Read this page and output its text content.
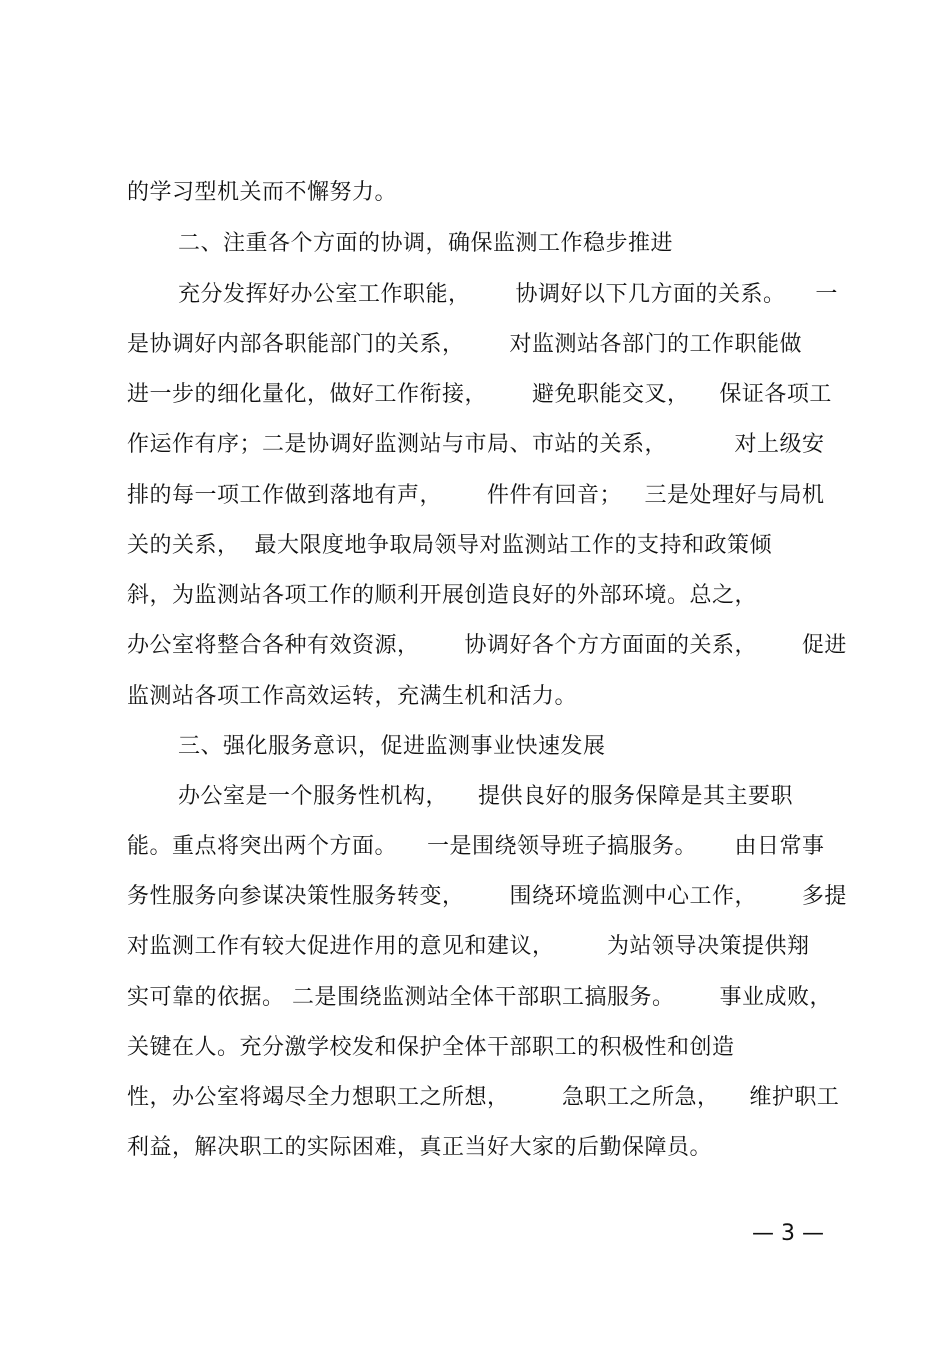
的学习型机关而不懈努力。
二、注重各个方面的协调，确保监测工作稳步推进
充分发挥好办公室工作职能，      协调好以下几方面的关系。    一
是协调好内部各职能部门的关系，      对监测站各部门的工作职能做
进一步的细化量化，做好工作衔接，      避免职能交叉，    保证各项工
作运作有序；二是协调好监测站与市局、市站的关系，         对上级安
排的每一项工作做到落地有声，      件件有回音；   三是处理好与局机
关的关系，  最大限度地争取局领导对监测站工作的支持和政策倾
斜，为监测站各项工作的顺利开展创造良好的外部环境。总之，
办公室将整合各种有效资源，      协调好各个方方面面的关系，      促进
监测站各项工作高效运转，充满生机和活力。
三、强化服务意识，促进监测事业快速发展
办公室是一个服务性机构，    提供良好的服务保障是其主要职
能。重点将突出两个方面。    一是围绕领导班子搞服务。     由日常事
务性服务向参谋决策性服务转变，      围绕环境监测中心工作，      多提
对监测工作有较大促进作用的意见和建议，       为站领导决策提供翔
实可靠的依据。 二是围绕监测站全体干部职工搞服务。      事业成败，
关键在人。充分激学校发和保护全体干部职工的积极性和创造
性，办公室将竭尽全力想职工之所想，       急职工之所急，    维护职工
利益，解决职工的实际困难，真正当好大家的后勤保障员。
— 3 —
